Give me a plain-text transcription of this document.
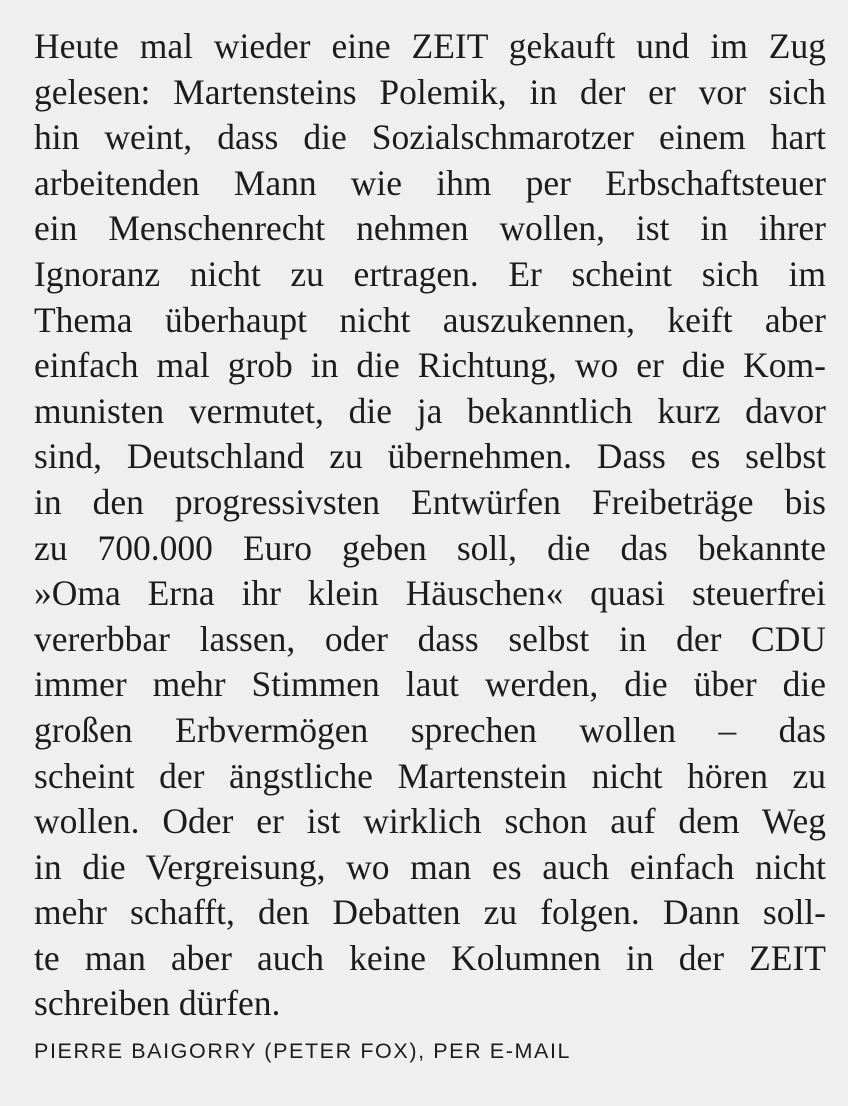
Heute mal wieder eine ZEIT gekauft und im Zug
gelesen: Martensteins Polemik, in der er vor sich
hin weint, dass die Sozialschmarotzer einem hart
arbeitenden Mann wie ihm per Erbschaftsteuer
ein Menschenrecht nehmen wollen, ist in ihrer
Ignoranz nicht zu ertragen. Er scheint sich im
Thema überhaupt nicht auszukennen, keift aber
einfach mal grob in die Richtung, wo er die Kom-
munisten vermutet, die ja bekanntlich kurz davor
sind, Deutschland zu übernehmen. Dass es selbst
in den progressivsten Entwürfen Freibeträge bis
zu 700.000 Euro geben soll, die das bekannte
»Oma Erna ihr klein Häuschen« quasi steuerfrei
vererbbar lassen, oder dass selbst in der CDU
immer mehr Stimmen laut werden, die über die
großen Erbvermögen sprechen wollen – das
scheint der ängstliche Martenstein nicht hören zu
wollen. Oder er ist wirklich schon auf dem Weg
in die Vergreisung, wo man es auch einfach nicht
mehr schafft, den Debatten zu folgen. Dann soll-
te man aber auch keine Kolumnen in der ZEIT
schreiben dürfen.
PIERRE BAIGORRY (PETER FOX), PER E-MAIL
